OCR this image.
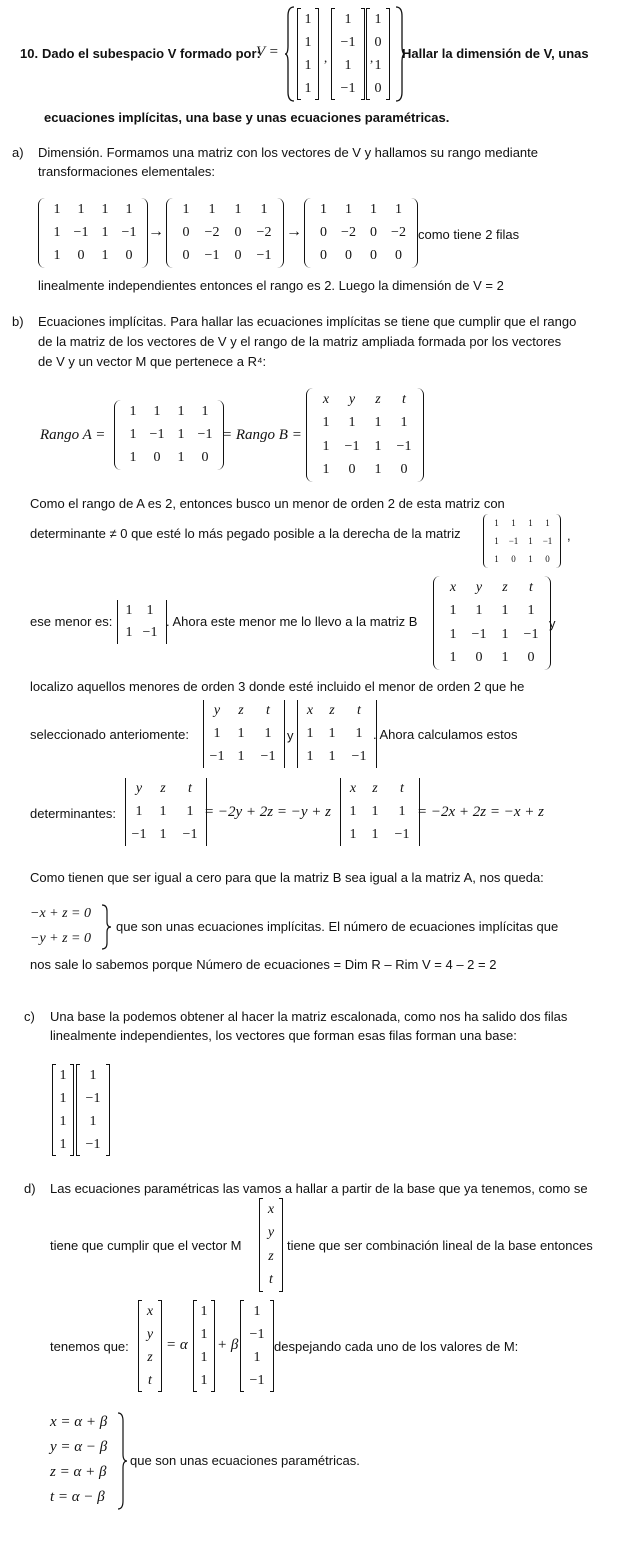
10. Dado el subespacio V formado por:
V =
1
1
1
1
,
1
−1
1
−1
,
1
0
1
0
Hallar la dimensión de V, unas
ecuaciones implícitas, una base y unas ecuaciones paramétricas.
a) Dimensión. Formamos una matriz con los vectores de V y hallamos su rango mediante
transformaciones elementales:
1 1 1 1
1 −1 1 −1
1 0 1 0
→
1 1 1 1
0 −2 0 −2
0 −1 0 −1
→
1 1 1 1
0 −2 0 −2
0 0 0 0
como tiene 2 filas
linealmente independientes entonces el rango es 2. Luego la dimensión de V = 2
b) Ecuaciones implícitas. Para hallar las ecuaciones implícitas se tiene que cumplir que el rango
de la matriz de los vectores de V y el rango de la matriz ampliada formada por los vectores
de V y un vector M que pertenece a R⁴:
Rango A =
1 1 1 1
1 −1 1 −1
1 0 1 0
= Rango B =
x y z t
1 1 1 1
1 −1 1 −1
1 0 1 0
Como el rango de A es 2, entonces busco un menor de orden 2 de esta matriz con
determinante ≠ 0 que esté lo más pegado posible a la derecha de la matriz
1 1 1 1
1 −1 1 −1
1 0 1 0
,
ese menor es:
1 1
1 −1
. Ahora este menor me lo llevo a la matriz B
x y z t
1 1 1 1
1 −1 1 −1
1 0 1 0
y
localizo aquellos menores de orden 3 donde esté incluido el menor de orden 2 que he
seleccionado anteriomente:
y z t
1 1 1
−1 1 −1
y
x z t
1 1 1
1 1 −1
. Ahora calculamos estos
determinantes:
y z t
1 1 1
−1 1 −1
= −2y + 2z = −y + z
x z t
1 1 1
1 1 −1
= −2x + 2z = −x + z
Como tienen que ser igual a cero para que la matriz B sea igual a la matriz A, nos queda:
−x + z = 0
−y + z = 0
que son unas ecuaciones implícitas. El número de ecuaciones implícitas que
nos sale lo sabemos porque Número de ecuaciones = Dim R – Rim V = 4 – 2 = 2
c) Una base la podemos obtener al hacer la matriz escalonada, como nos ha salido dos filas
linealmente independientes, los vectores que forman esas filas forman una base:
1
1
1
1
1
−1
1
−1
d) Las ecuaciones paramétricas las vamos a hallar a partir de la base que ya tenemos, como se
tiene que cumplir que el vector M
x
y
z
t
tiene que ser combinación lineal de la base entonces
tenemos que:
x
y
z
t
= α
1
1
1
1
+ β
1
−1
1
−1
despejando cada uno de los valores de M:
x = α + β
y = α − β
z = α + β
t = α − β
que son unas ecuaciones paramétricas.
